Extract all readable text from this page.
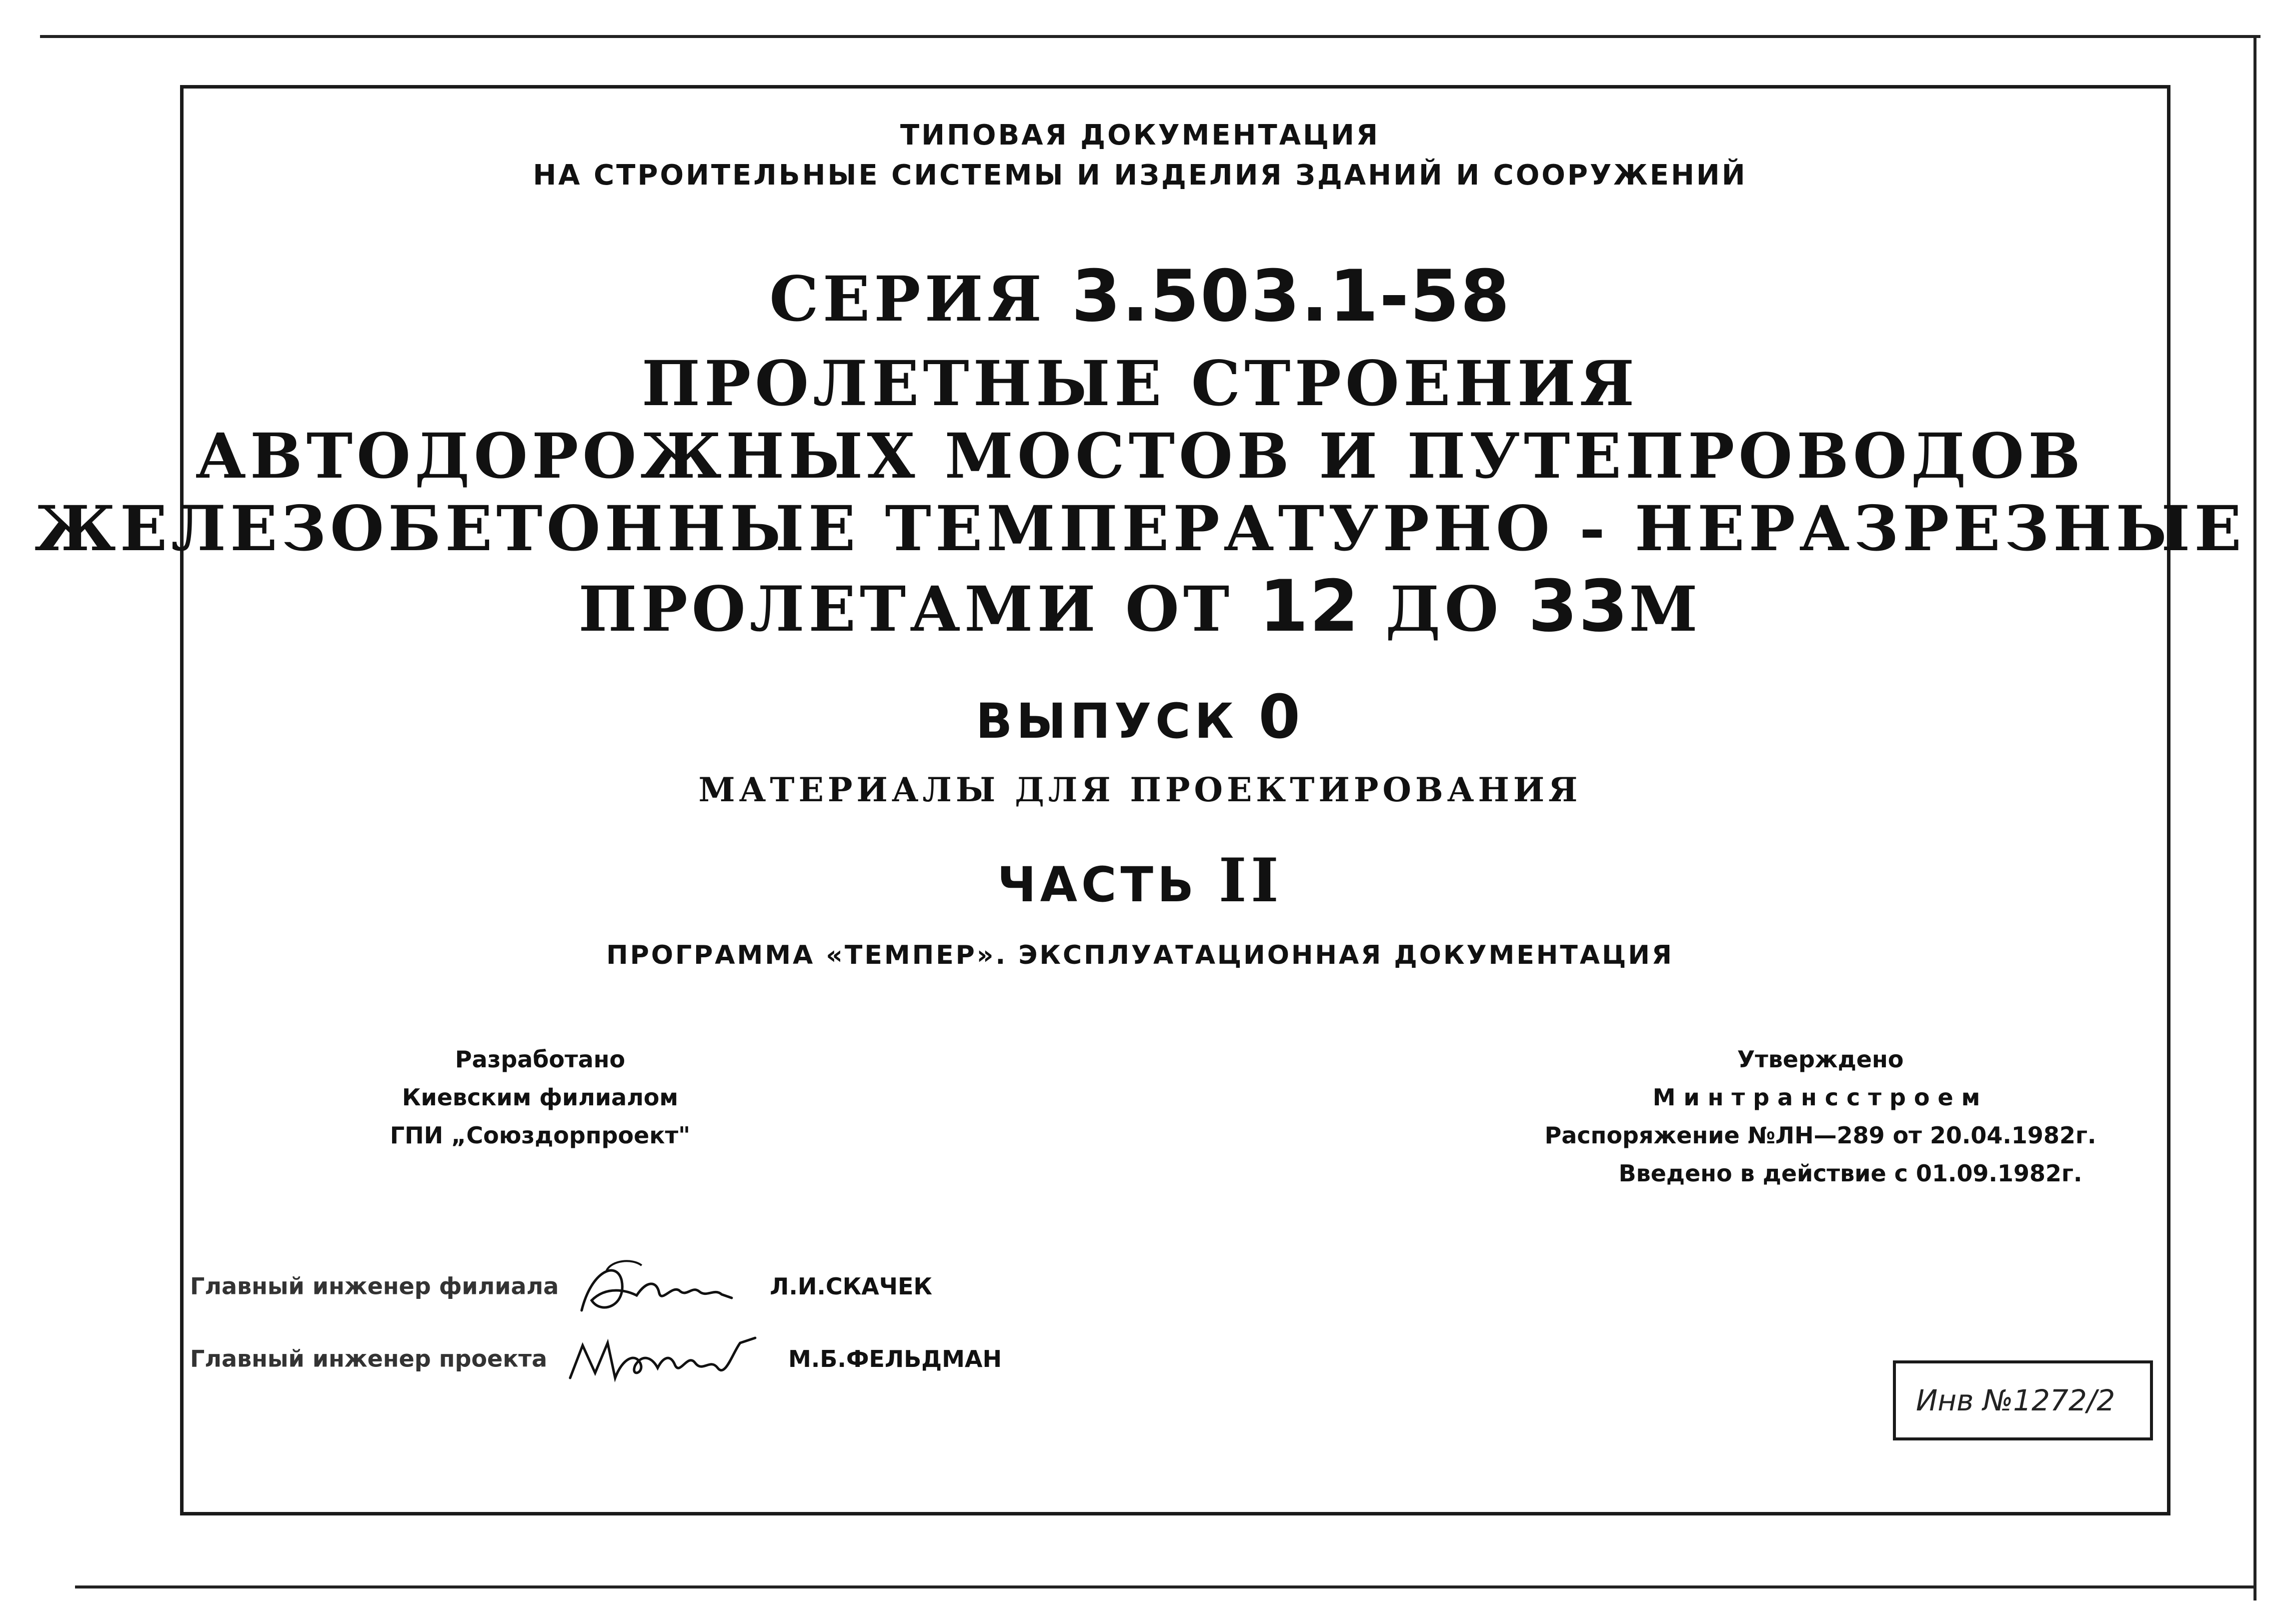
ТИПОВАЯ ДОКУМЕНТАЦИЯ
НА СТРОИТЕЛЬНЫЕ СИСТЕМЫ И ИЗДЕЛИЯ ЗДАНИЙ И СООРУЖЕНИЙ
СЕРИЯ 3.503.1-58
ПРОЛЕТНЫЕ СТРОЕНИЯ
АВТОДОРОЖНЫХ МОСТОВ И ПУТЕПРОВОДОВ
ЖЕЛЕЗОБЕТОННЫЕ ТЕМПЕРАТУРНО - НЕРАЗРЕЗНЫЕ
ПРОЛЕТАМИ ОТ 12 ДО 33М
ВЫПУСК 0
МАТЕРИАЛЫ ДЛЯ ПРОЕКТИРОВАНИЯ
ЧАСТЬ II
ПРОГРАММА «ТЕМПЕР». ЭКСПЛУАТАЦИОННАЯ ДОКУМЕНТАЦИЯ
Разработано
Киевским филиалом
ГПИ „Союздорпроект"
Утверждено
Минтрансстроем
Распоряжение №ЛН—289 от 20.04.1982г.
Введено в действие с 01.09.1982г.
Главный инженер филиала	Л.И.СКАЧЕК
Главный инженер проекта	М.Б.ФЕЛЬДМАН
Инв №1272/2
